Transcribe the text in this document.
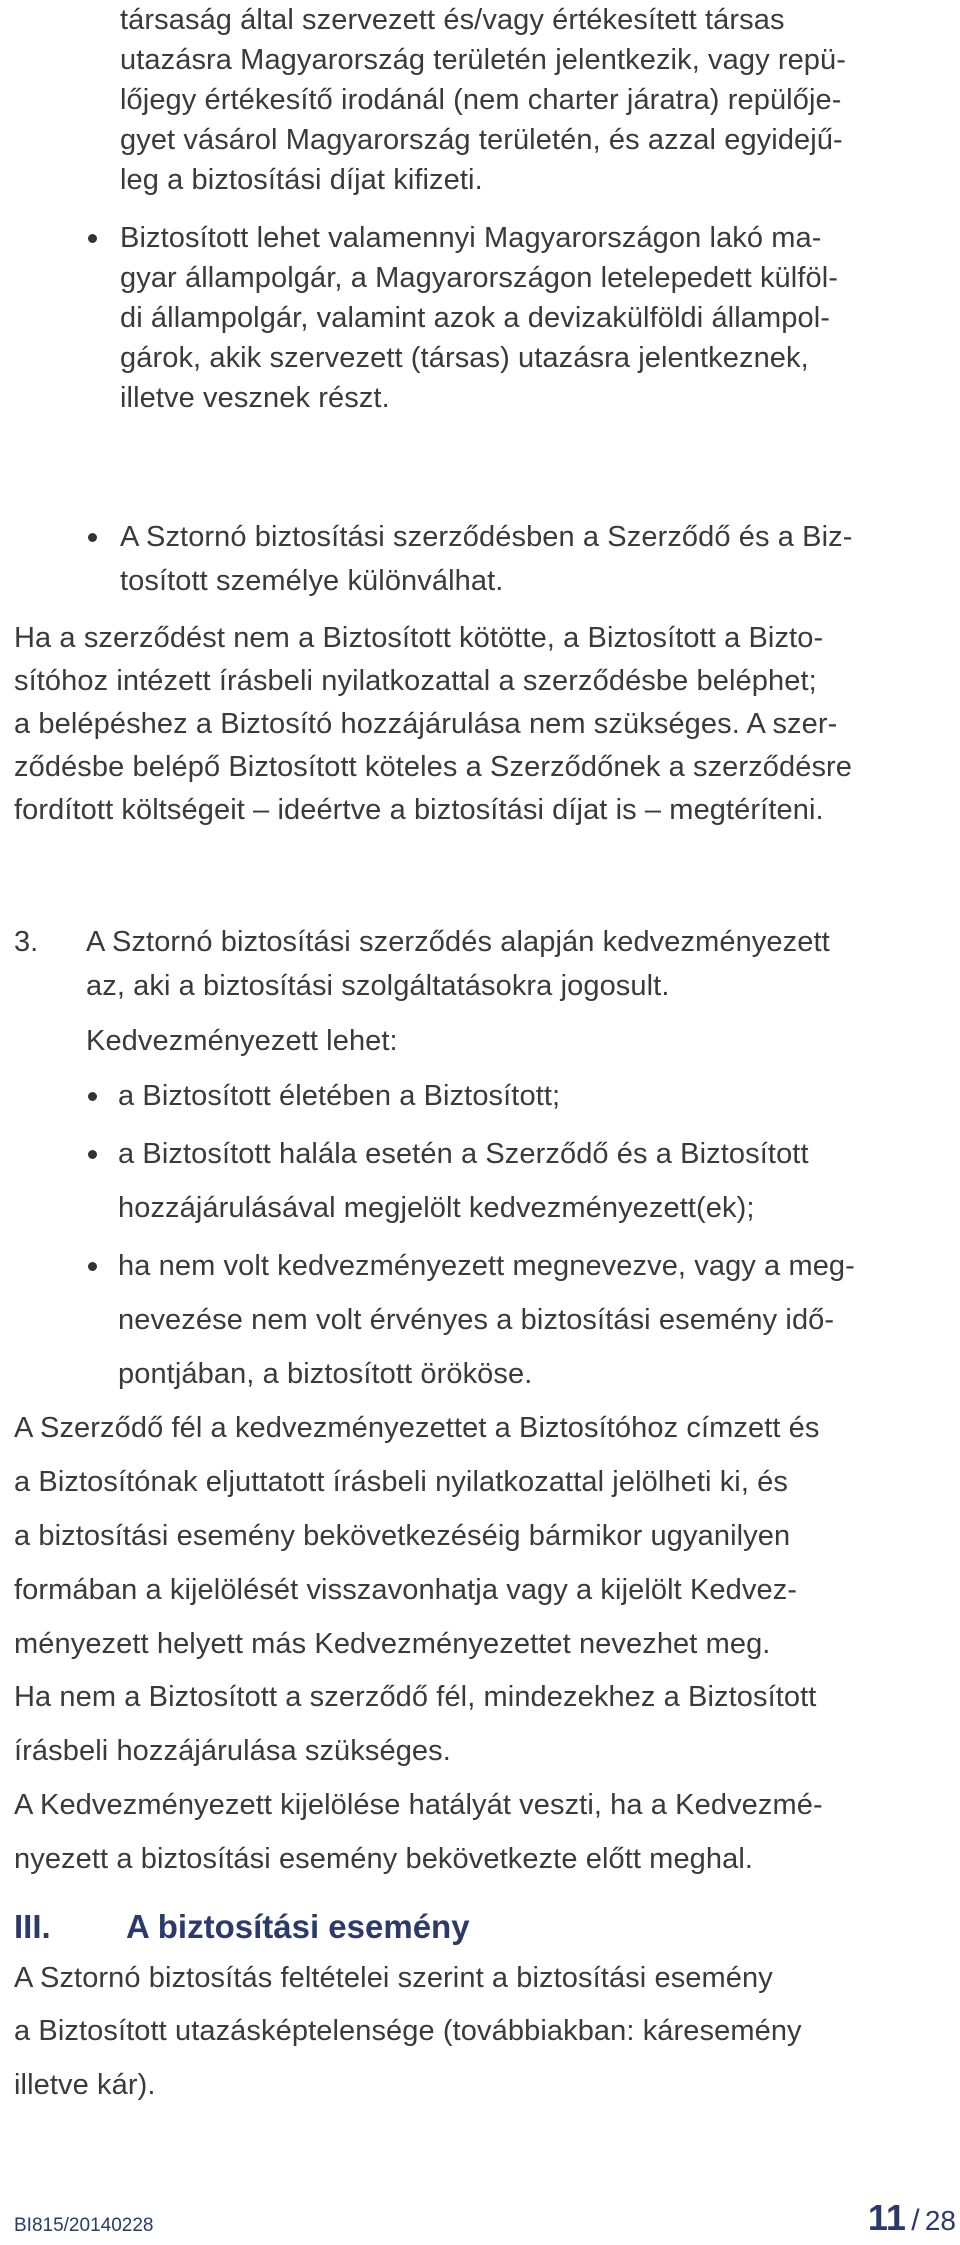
társaság által szervezett és/vagy értékesített társas
utazásra Magyarország területén jelentkezik, vagy repü-
lőjegy értékesítő irodánál (nem charter járatra) repülője-
gyet vásárol Magyarország területén, és azzal egyidejű-
leg a biztosítási díjat kifizeti.
Biztosított lehet valamennyi Magyarországon lakó ma-
gyar állampolgár, a Magyarországon letelepedett külföl-
di állampolgár, valamint azok a devizakülföldi állampol-
gárok, akik szervezett (társas) utazásra jelentkeznek,
illetve vesznek részt.
A Sztornó biztosítási szerződésben a Szerződő és a Biz-
tosított személye különválhat.
Ha a szerződést nem a Biztosított kötötte, a Biztosított a Bizto-
sítóhoz intézett írásbeli nyilatkozattal a szerződésbe beléphet;
a belépéshez a Biztosító hozzájárulása nem szükséges. A szer-
ződésbe belépő Biztosított köteles a Szerződőnek a szerződésre
fordított költségeit – ideértve a biztosítási díjat is – megtéríteni.
3. A Sztornó biztosítási szerződés alapján kedvezményezett
az, aki a biztosítási szolgáltatásokra jogosult.
Kedvezményezett lehet:
a Biztosított életében a Biztosított;
a Biztosított halála esetén a Szerződő és a Biztosított
hozzájárulásával megjelölt kedvezményezett(ek);
ha nem volt kedvezményezett megnevezve, vagy a meg-
nevezése nem volt érvényes a biztosítási esemény idő-
pontjában, a biztosított örököse.
A Szerződő fél a kedvezményezettet a Biztosítóhoz címzett és
a Biztosítónak eljuttatott írásbeli nyilatkozattal jelölheti ki, és
a biztosítási esemény bekövetkezéséig bármikor ugyanilyen
formában a kijelölését visszavonhatja vagy a kijelölt Kedvez-
ményezett helyett más Kedvezményezettet nevezhet meg.
Ha nem a Biztosított a szerződő fél, mindezekhez a Biztosított
írásbeli hozzájárulása szükséges.
A Kedvezményezett kijelölése hatályát veszti, ha a Kedvezmé-
nyezett a biztosítási esemény bekövetkezte előtt meghal.
III. A biztosítási esemény
A Sztornó biztosítás feltételei szerint a biztosítási esemény
a Biztosított utazásképtelensége (továbbiakban: káresemény
illetve kár).
BI815/20140228	11 / 28
